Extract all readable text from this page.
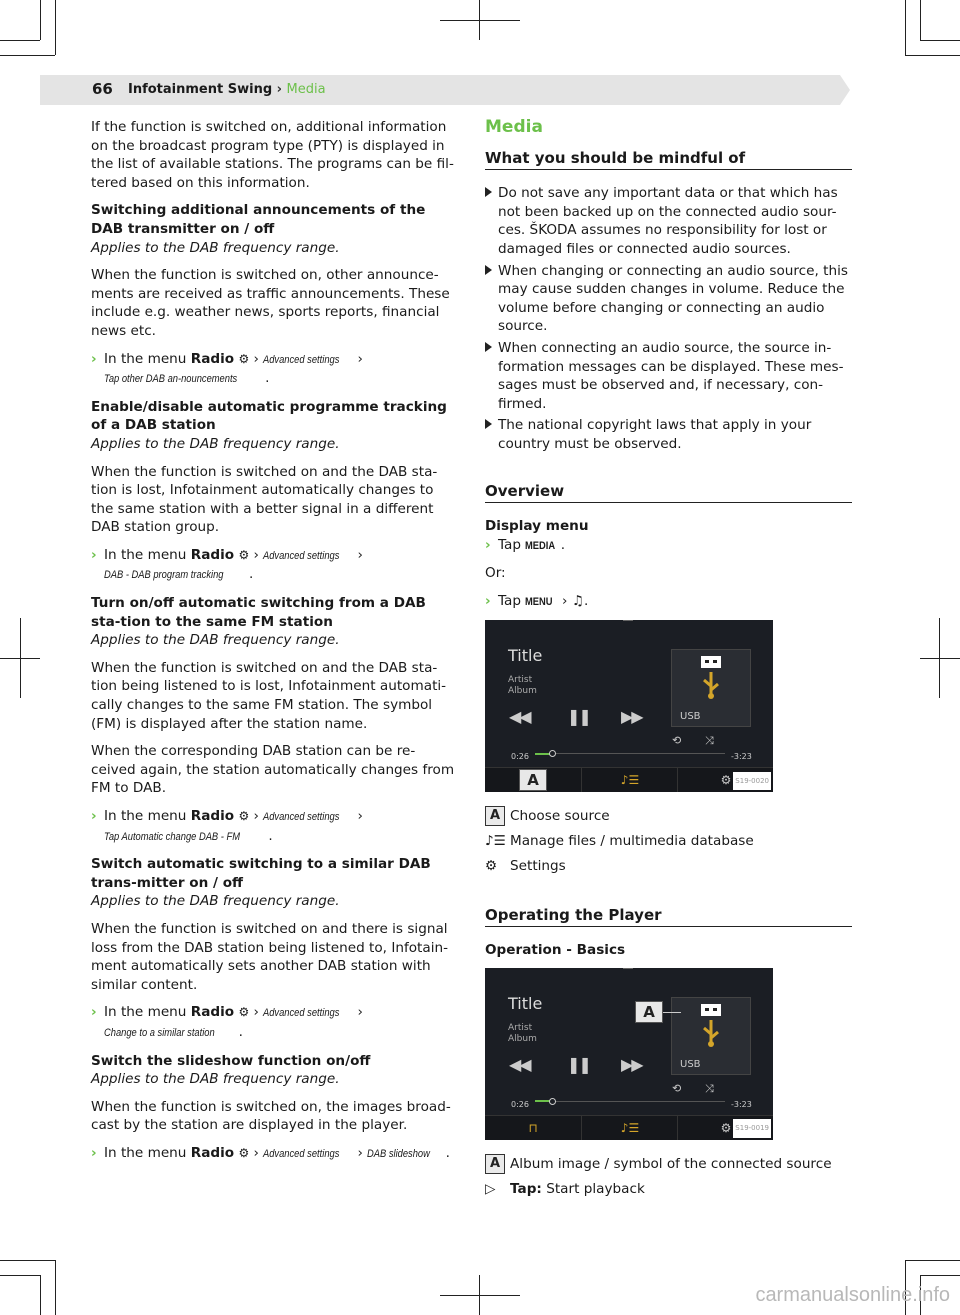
66 Infotainment Swing › Media

If the function is switched on, additional information on the broadcast program type (PTY) is displayed in the list of available stations. The programs can be fil-tered based on this information.

Switching additional announcements of the DAB transmitter on / off

Applies to the DAB frequency range.

When the function is switched on, other announce-ments are received as traffic announcements. These include e.g. weather news, sports reports, financial news etc.

› In the menu Radio ⚙ › Advanced settings › Tap other DAB an-nouncements .

Enable/disable automatic programme tracking of a DAB station

Applies to the DAB frequency range.

When the function is switched on and the DAB sta-tion is lost, Infotainment automatically changes to the same station with a better signal in a different DAB station group.

› In the menu Radio ⚙ › Advanced settings › DAB - DAB program tracking .

Turn on/off automatic switching from a DAB sta-tion to the same FM station

Applies to the DAB frequency range.

When the function is switched on and the DAB sta-tion being listened to is lost, Infotainment automati-cally changes to the same FM station. The symbol (FM) is displayed after the station name.

When the corresponding DAB station can be re-ceived again, the station automatically changes from FM to DAB.

› In the menu Radio ⚙ › Advanced settings › Tap Automatic change DAB - FM .

Switch automatic switching to a similar DAB trans-mitter on / off

Applies to the DAB frequency range.

When the function is switched on and there is signal loss from the DAB station being listened to, Infotain-ment automatically sets another DAB station with similar content.

› In the menu Radio ⚙ › Advanced settings › Change to a similar station .

Switch the slideshow function on/off

Applies to the DAB frequency range.

When the function is switched on, the images broad-cast by the station are displayed in the player.

› In the menu Radio ⚙ › Advanced settings › DAB slideshow .
Media
What you should be mindful of
Do not save any important data or that which has not been backed up on the connected audio sour-ces. ŠKODA assumes no responsibility for lost or damaged files or connected audio sources.
When changing or connecting an audio source, this may cause sudden changes in volume. Reduce the volume before changing or connecting an audio source.
When connecting an audio source, the source in-formation messages can be displayed. These mes-sages must be observed and, if necessary, con-firmed.
The national copyright laws that apply in your country must be observed.
Overview

Display menu

› Tap MEDIA .

Or:

› Tap MENU › ♫.
Title
Artist
Album
USB
◀◀ ❚❚ ▶▶
⟲ ⤨
0:26	-3:23
A	♪☰	⚙ S19-0020
A Choose source
♪☰ Manage files / multimedia database
⚙ Settings
Operating the Player

Operation - Basics

Title
Artist
Album
USB
A
◀◀ ❚❚ ▶▶
⟲ ⤨
0:26	-3:23
⊓	♪☰	⚙ S19-0019
A Album image / symbol of the connected source
▷	Tap:
Start playback
carmanualsonline.info
